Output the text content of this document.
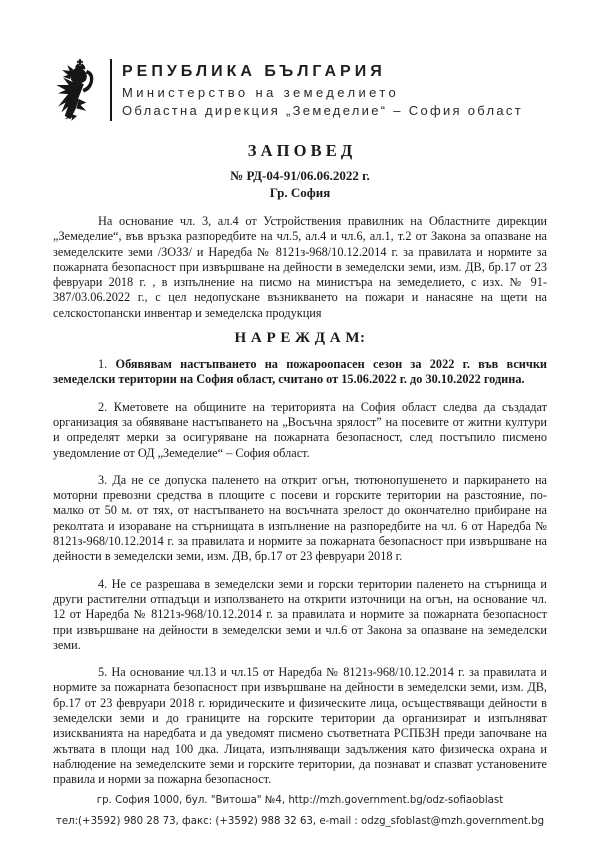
РЕПУБЛИКА БЪЛГАРИЯ
Министерство на земеделието
Областна дирекция „Земеделие“ – София област
З А П О В Е Д
№ РД-04-91/06.06.2022 г.
Гр. София

На основание чл. 3, ал.4 от Устройствения правилник на Областните дирекции „Земеделие“, във връзка разпоредбите на чл.5, ал.4 и чл.6, ал.1, т.2 от Закона за опазване на земеделските земи /ЗОЗЗ/ и Наредба № 8121з-968/10.12.2014 г. за правилата и нормите за пожарната безопасност при извършване на дейности в земеделски земи, изм. ДВ, бр.17 от 23 февруари 2018 г. , в изпълнение на писмо на министъра на земеделието, с изх. № 91-387/03.06.2022 г., с цел недопускане възникването на пожари и нанасяне на щети на селскостопански инвентар и земеделска продукция

Н А Р Е Ж Д А М:

1. Обявявам настъпването на пожароопасен сезон за 2022 г. във всички земеделски територии на София област, считано от 15.06.2022 г. до 30.10.2022 година.

2. Кметовете на общините на територията на София област следва да създадат организация за обявяване настъпването на „Восъчна зрялост” на посевите от житни култури и определят мерки за осигуряване на пожарната безопасност, след постъпило писмено уведомление от ОД „Земеделие“ – София област.

3. Да не се допуска паленето на открит огън, тютюнопушенето и паркирането на моторни превозни средства в площите с посеви и горските територии на разстояние, по-малко от 50 м. от тях, от настъпването на восъчната зрелост до окончателно прибиране на реколтата и изораване на стърнищата в изпълнение на разпоредбите на чл. 6 от Наредба № 8121з-968/10.12.2014 г. за правилата и нормите за пожарната безопасност при извършване на дейности в земеделски земи, изм. ДВ, бр.17 от 23 февруари 2018 г.

4. Не се разрешава в земеделски земи и горски територии паленето на стърнища и други растителни отпадъци и използването на открити източници на огън, на основание чл. 12 от Наредба № 8121з-968/10.12.2014 г. за правилата и нормите за пожарната безопасност при извършване на дейности в земеделски земи и чл.6 от Закона за опазване на земеделски земи.

5. На основание чл.13 и чл.15 от Наредба № 8121з-968/10.12.2014 г. за правилата и нормите за пожарната безопасност при извършване на дейности в земеделски земи, изм. ДВ, бр.17 от 23 февруари 2018 г. юридическите и физическите лица, осъществяващи дейности в земеделски земи и до границите на горските територии да организират и изпълняват изискванията на наредбата и да уведомят писмено съответната РСПБЗН преди започване на жътвата в площи над 100 дка. Лицата, изпълняващи задължения като физическа охрана и наблюдение на земеделските земи и горските територии, да познават и спазват установените правила и норми за пожарна безопасност.

гр. София 1000, бул. "Витоша" №4, http://mzh.government.bg/odz-sofiaoblast
тел:(+3592) 980 28 73, факс: (+3592) 988 32 63, e-mail : odzg_sfoblast@mzh.government.bg
